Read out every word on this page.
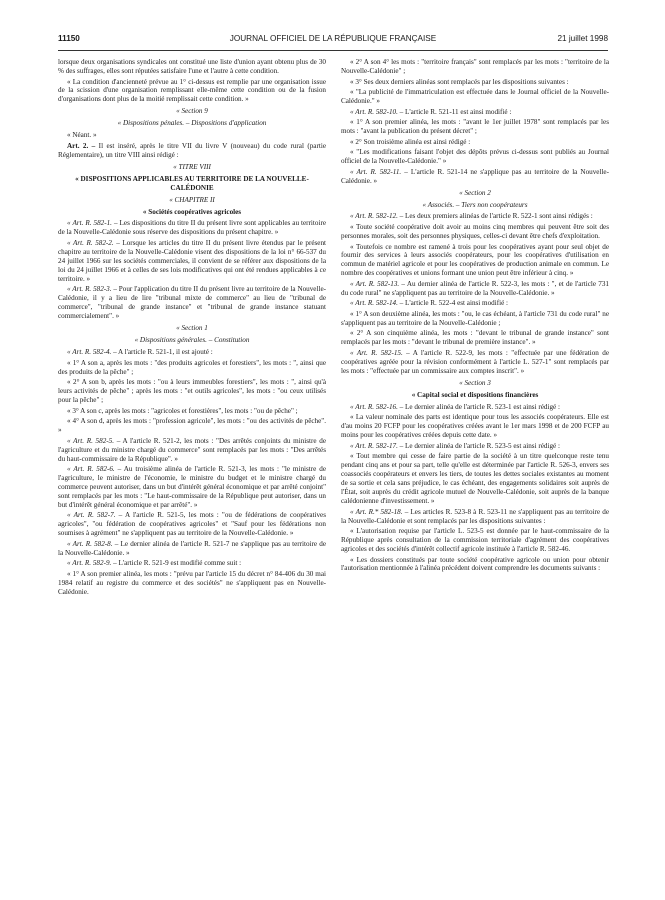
11150	JOURNAL OFFICIEL DE LA RÉPUBLIQUE FRANÇAISE	21 juillet 1998

lorsque deux organisations syndicales ont constitué une liste d'union ayant obtenu plus de 30 % des suffrages, elles sont réputées satisfaire l'une et l'autre à cette condition.

« La condition d'ancienneté prévue au 1° ci-dessus est remplie par une organisation issue de la scission d'une organisation remplissant elle-même cette condition ou de la fusion d'organisations dont plus de la moitié remplissait cette condition. »

« Section 9

« Dispositions pénales. – Dispositions d'application

« Néant. »

Art. 2. – Il est inséré, après le titre VII du livre V (nouveau) du code rural (partie Réglementaire), un titre VIII ainsi rédigé :

« TITRE VIII

« DISPOSITIONS APPLICABLES AU TERRITOIRE DE LA NOUVELLE-CALÉDONIE

« CHAPITRE II

« Sociétés coopératives agricoles

« Art. R. 582-1. – Les dispositions du titre II du présent livre sont applicables au territoire de la Nouvelle-Calédonie sous réserve des dispositions du présent chapitre. »

« Art. R. 582-2. – Lorsque les articles du titre II du présent livre étendus par le présent chapitre au territoire de la Nouvelle-Calédonie visent des dispositions de la loi n° 66-537 du 24 juillet 1966 sur les sociétés commerciales, il convient de se référer aux dispositions de la loi du 24 juillet 1966 et à celles de ses lois modificatives qui ont été rendues applicables à ce territoire. »

« Art. R. 582-3. – Pour l'application du titre II du présent livre au territoire de la Nouvelle-Calédonie, il y a lieu de lire "tribunal mixte de commerce" au lieu de "tribunal de commerce", "tribunal de grande instance" et "tribunal de grande instance statuant commercialement". »

« Section 1

« Dispositions générales. – Constitution

« Art. R. 582-4. – A l'article R. 521-1, il est ajouté :

« 1° A son a, après les mots : "des produits agricoles et forestiers", les mots : ", ainsi que des produits de la pêche" ;

« 2° A son b, après les mots : "ou à leurs immeubles forestiers", les mots : ", ainsi qu'à leurs activités de pêche" ; après les mots : "et outils agricoles", les mots : "ou ceux utilisés pour la pêche" ;

« 3° A son c, après les mots : "agricoles et forestières", les mots : "ou de pêche" ;

« 4° A son d, après les mots : "profession agricole", les mots : "ou des activités de pêche". »

« Art. R. 582-5. – A l'article R. 521-2, les mots : "Des arrêtés conjoints du ministre de l'agriculture et du ministre chargé du commerce" sont remplacés par les mots : "Des arrêtés du haut-commissaire de la République". »

« Art. R. 582-6. – Au troisième alinéa de l'article R. 521-3, les mots : "le ministre de l'agriculture, le ministre de l'économie, le ministre du budget et le ministre chargé du commerce peuvent autoriser, dans un but d'intérêt général économique et par arrêté conjoint" sont remplacés par les mots : "Le haut-commissaire de la République peut autoriser, dans un but d'intérêt général économique et par arrêté". »

« Art. R. 582-7. – A l'article R. 521-5, les mots : "ou de fédérations de coopératives agricoles", "ou fédération de coopératives agricoles" et "Sauf pour les fédérations non soumises à agrément" ne s'appliquent pas au territoire de la Nouvelle-Calédonie. »

« Art. R. 582-8. – Le dernier alinéa de l'article R. 521-7 ne s'applique pas au territoire de la Nouvelle-Calédonie. »

« Art. R. 582-9. – L'article R. 521-9 est modifié comme suit :

« 1° A son premier alinéa, les mots : "prévu par l'article 15 du décret n° 84-406 du 30 mai 1984 relatif au registre du commerce et des sociétés" ne s'appliquent pas en Nouvelle-Calédonie.

« 2° A son 4° les mots : "territoire français" sont remplacés par les mots : "territoire de la Nouvelle-Calédonie" ;

« 3° Ses deux derniers alinéas sont remplacés par les dispositions suivantes :

« "La publicité de l'immatriculation est effectuée dans le Journal officiel de la Nouvelle-Calédonie." »

« Art. R. 582-10. – L'article R. 521-11 est ainsi modifié :

« 1° A son premier alinéa, les mots : "avant le 1er juillet 1978" sont remplacés par les mots : "avant la publication du présent décret" ;

« 2° Son troisième alinéa est ainsi rédigé :

« "Les modifications faisant l'objet des dépôts prévus ci-dessus sont publiés au Journal officiel de la Nouvelle-Calédonie." »

« Art. R. 582-11. – L'article R. 521-14 ne s'applique pas au territoire de la Nouvelle-Calédonie. »

« Section 2

« Associés. – Tiers non coopérateurs

« Art. R. 582-12. – Les deux premiers alinéas de l'article R. 522-1 sont ainsi rédigés :

« Toute société coopérative doit avoir au moins cinq membres qui peuvent être soit des personnes morales, soit des personnes physiques, celles-ci devant être chefs d'exploitation.

« Toutefois ce nombre est ramené à trois pour les coopératives ayant pour seul objet de fournir des services à leurs associés coopérateurs, pour les coopératives d'utilisation en commun de matériel agricole et pour les coopératives de production animale en commun. Le nombre des coopératives et unions formant une union peut être inférieur à cinq. »

« Art. R. 582-13. – Au dernier alinéa de l'article R. 522-3, les mots : ", et de l'article 731 du code rural" ne s'appliquent pas au territoire de la Nouvelle-Calédonie. »

« Art. R. 582-14. – L'article R. 522-4 est ainsi modifié :

« 1° A son deuxième alinéa, les mots : "ou, le cas échéant, à l'article 731 du code rural" ne s'appliquent pas au territoire de la Nouvelle-Calédonie ;

« 2° A son cinquième alinéa, les mots : "devant le tribunal de grande instance" sont remplacés par les mots : "devant le tribunal de première instance". »

« Art. R. 582-15. – A l'article R. 522-9, les mots : "effectuée par une fédération de coopératives agréée pour la révision conformément à l'article L. 527-1" sont remplacés par les mots : "effectuée par un commissaire aux comptes inscrit". »

« Section 3

« Capital social et dispositions financières

« Art. R. 582-16. – Le dernier alinéa de l'article R. 523-1 est ainsi rédigé :

« La valeur nominale des parts est identique pour tous les associés coopérateurs. Elle est d'au moins 20 FCFP pour les coopératives créées avant le 1er mars 1998 et de 200 FCFP au moins pour les coopératives créées depuis cette date. »

« Art. R. 582-17. – Le dernier alinéa de l'article R. 523-5 est ainsi rédigé :

« Tout membre qui cesse de faire partie de la société à un titre quelconque reste tenu pendant cinq ans et pour sa part, telle qu'elle est déterminée par l'article R. 526-3, envers ses coassociés coopérateurs et envers les tiers, de toutes les dettes sociales existantes au moment de sa sortie et cela sans préjudice, le cas échéant, des engagements solidaires soit auprès de l'État, soit auprès du crédit agricole mutuel de Nouvelle-Calédonie, soit auprès de la banque calédonienne d'investissement. »

« Art. R.* 582-18. – Les articles R. 523-8 à R. 523-11 ne s'appliquent pas au territoire de la Nouvelle-Calédonie et sont remplacés par les dispositions suivantes :

« L'autorisation requise par l'article L. 523-5 est donnée par le haut-commissaire de la République après consultation de la commission territoriale d'agrément des coopératives agricoles et des sociétés d'intérêt collectif agricole instituée à l'article R. 582-46.

« Les dossiers constitués par toute société coopérative agricole ou union pour obtenir l'autorisation mentionnée à l'alinéa précédent doivent comprendre les documents suivants :
